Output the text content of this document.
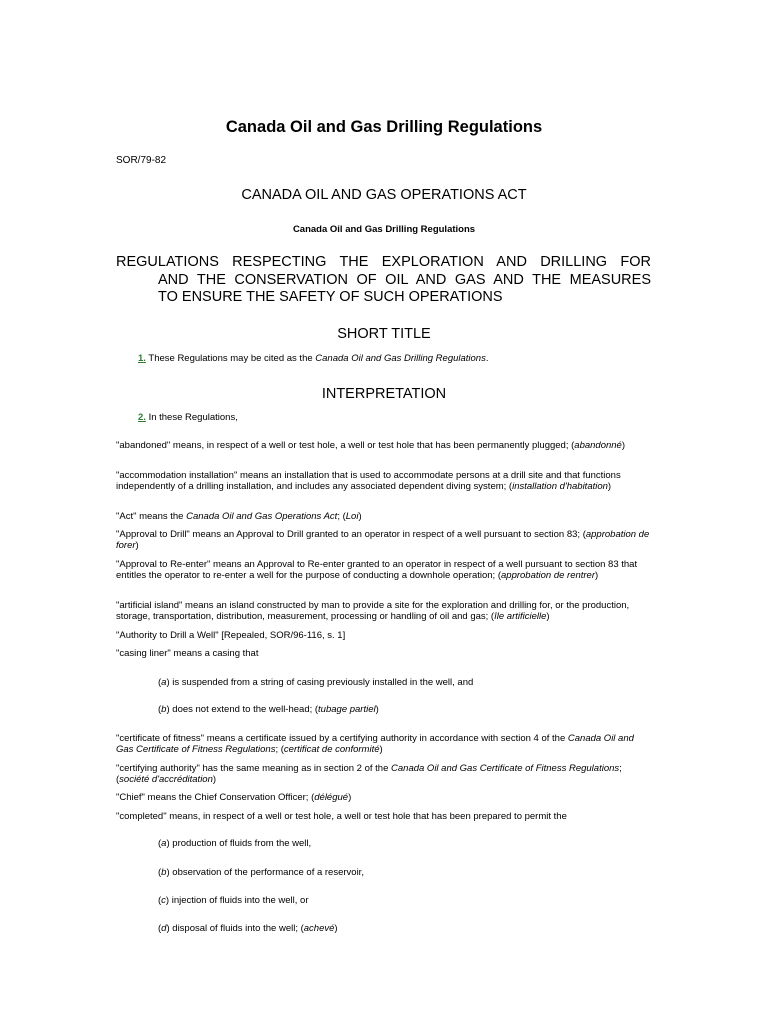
Canada Oil and Gas Drilling Regulations
SOR/79-82
CANADA OIL AND GAS OPERATIONS ACT
Canada Oil and Gas Drilling Regulations
REGULATIONS RESPECTING THE EXPLORATION AND DRILLING FOR
AND THE CONSERVATION OF OIL AND GAS AND THE MEASURES
TO ENSURE THE SAFETY OF SUCH OPERATIONS
SHORT TITLE
1. These Regulations may be cited as the Canada Oil and Gas Drilling Regulations.
INTERPRETATION
2. In these Regulations,
"abandoned" means, in respect of a well or test hole, a well or test hole that has been permanently plugged; (abandonné)
"accommodation installation" means an installation that is used to accommodate persons at a drill site and that functions independently of a drilling installation, and includes any associated dependent diving system; (installation d'habitation)
"Act" means the Canada Oil and Gas Operations Act; (Loi)
"Approval to Drill" means an Approval to Drill granted to an operator in respect of a well pursuant to section 83; (approbation de forer)
"Approval to Re-enter" means an Approval to Re-enter granted to an operator in respect of a well pursuant to section 83 that entitles the operator to re-enter a well for the purpose of conducting a downhole operation; (approbation de rentrer)
"artificial island" means an island constructed by man to provide a site for the exploration and drilling for, or the production, storage, transportation, distribution, measurement, processing or handling of oil and gas; (île artificielle)
"Authority to Drill a Well" [Repealed, SOR/96-116, s. 1]
"casing liner" means a casing that
(a) is suspended from a string of casing previously installed in the well, and
(b) does not extend to the well-head; (tubage partiel)
"certificate of fitness" means a certificate issued by a certifying authority in accordance with section 4 of the Canada Oil and Gas Certificate of Fitness Regulations; (certificat de conformité)
"certifying authority" has the same meaning as in section 2 of the Canada Oil and Gas Certificate of Fitness Regulations; (société d'accréditation)
"Chief" means the Chief Conservation Officer; (délégué)
"completed" means, in respect of a well or test hole, a well or test hole that has been prepared to permit the
(a) production of fluids from the well,
(b) observation of the performance of a reservoir,
(c) injection of fluids into the well, or
(d) disposal of fluids into the well; (achevé)
